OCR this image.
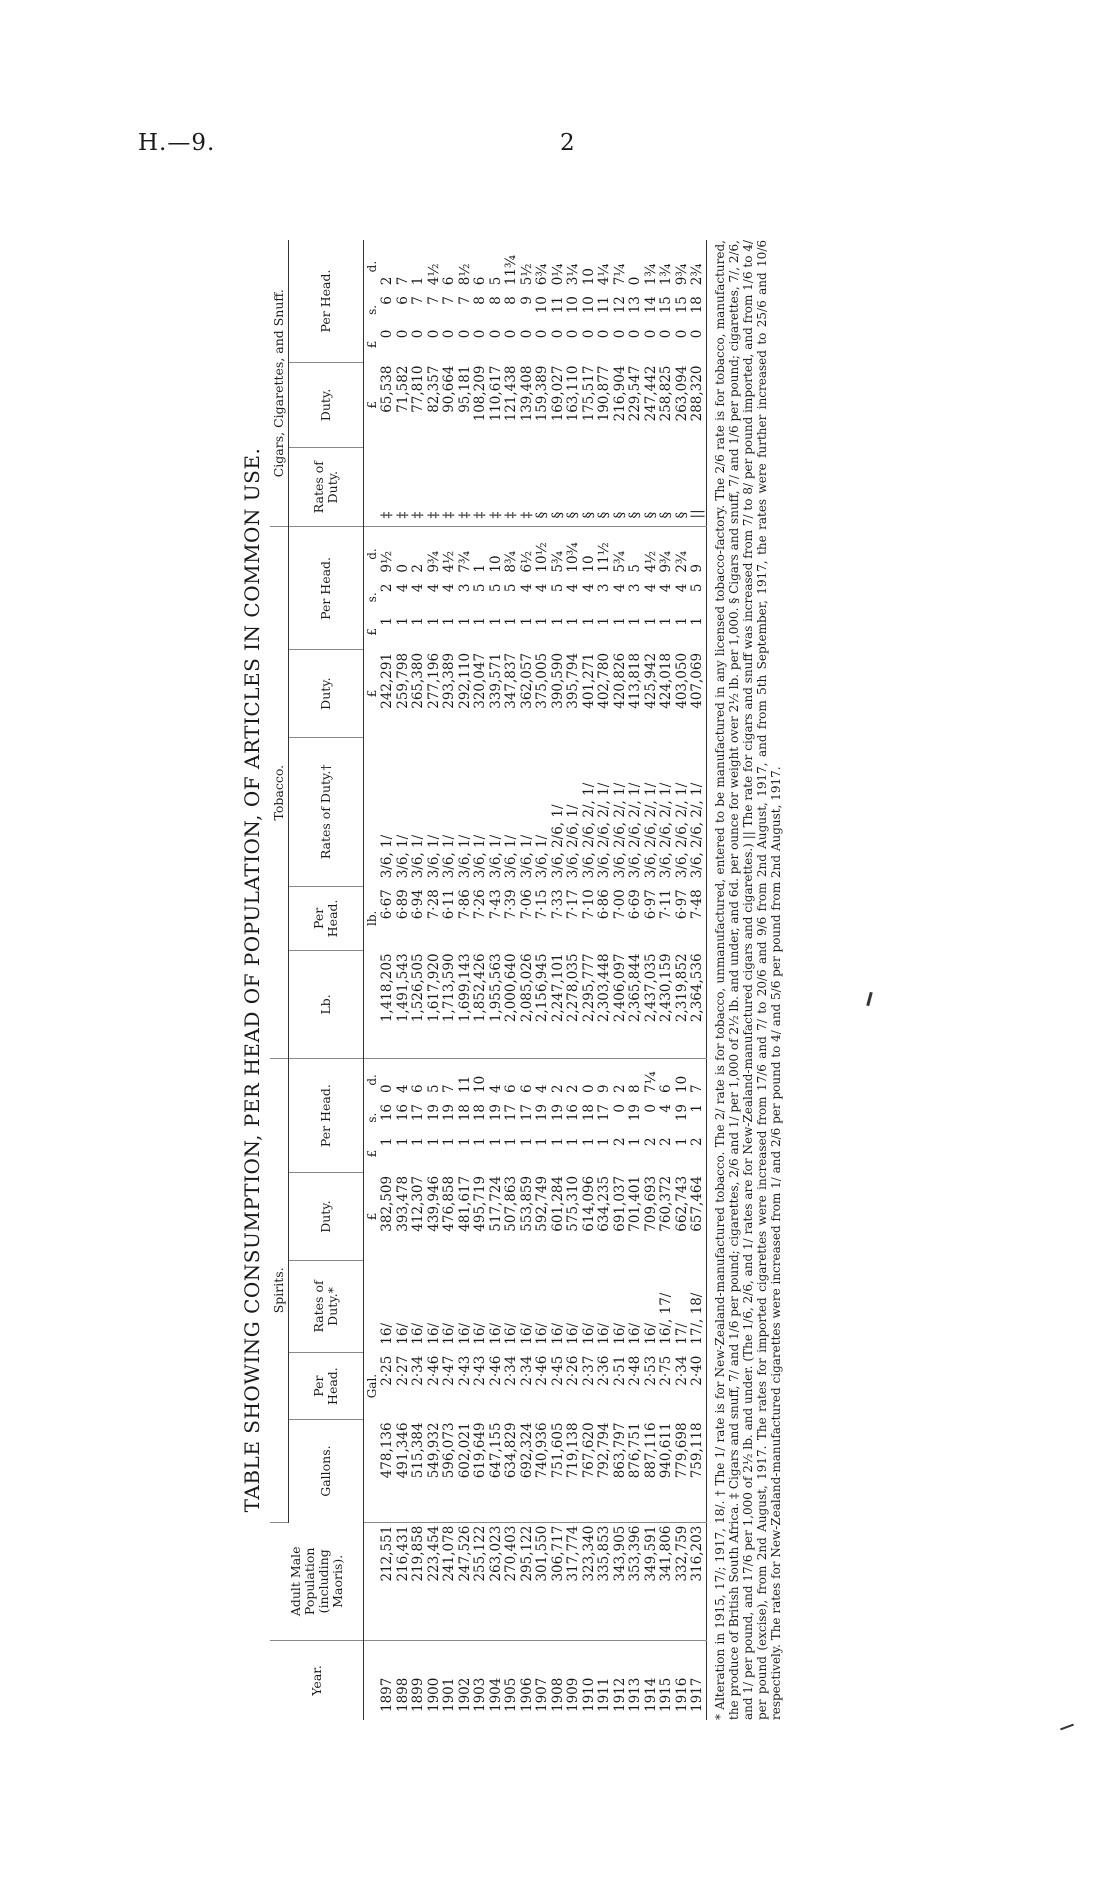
H.—9.	2
TABLE SHOWING CONSUMPTION, PER HEAD OF POPULATION, OF ARTICLES IN COMMON USE.
Year.	Adult Male Population (including Maoris).	Spirits.							Tobacco.							Cigars, Cigarettes, and Snuff.				
		Gallons.	Per Head.	Rates of Duty.*	Duty.	Per Head.			Lb.	Per Head.	Rates of Duty.†	Duty.	Per Head.			Rates of Duty.	Duty.	Per Head.		
			Gal.		£	£	s.	d.		lb.		£	£	s.	d.		£	£	s.	d.
1897	212,551	478,136	2·25	16/	382,509	1	16	0	1,418,205	6·67	3/6, 1/	242,291	1	2	9½	‡	65,538	0	6	2
1898	216,431	491,346	2·27	16/	393,478	1	16	4	1,491,543	6·89	3/6, 1/	259,798	1	4	0	‡	71,582	0	6	7
1899	219,858	515,384	2·34	16/	412,307	1	17	6	1,526,505	6·94	3/6, 1/	265,380	1	4	2	‡	77,810	0	7	1
1900	223,454	549,932	2·46	16/	439,946	1	19	5	1,617,920	7·28	3/6, 1/	277,196	1	4	9¾	‡	82,357	0	7	4½
1901	241,078	596,073	2·47	16/	476,858	1	19	7	1,713,590	6·11	3/6, 1/	293,389	1	4	4½	‡	90,664	0	7	6
1902	247,526	602,021	2·43	16/	481,617	1	18	11	1,699,143	7·86	3/6, 1/	292,110	1	3	7¾	‡	95,181	0	7	8½
1903	255,122	619,649	2·43	16/	495,719	1	18	10	1,852,426	7·26	3/6, 1/	320,047	1	5	1	‡	108,209	0	8	6
1904	263,023	647,155	2·46	16/	517,724	1	19	4	1,955,563	7·43	3/6, 1/	339,571	1	5	10	‡	110,617	0	8	5
1905	270,403	634,829	2·34	16/	507,863	1	17	6	2,000,640	7·39	3/6, 1/	347,837	1	5	8¾	‡	121,438	0	8	11¾
1906	295,122	692,324	2·34	16/	553,859	1	17	6	2,085,026	7·06	3/6, 1/	362,057	1	4	6½	‡	139,408	0	9	5½
1907	301,550	740,936	2·46	16/	592,749	1	19	4	2,156,945	7·15	3/6, 1/	375,005	1	4	10½	§	159,389	0	10	6¾
1908	306,717	751,605	2·45	16/	601,284	1	19	2	2,247,101	7·33	3/6, 2/6, 1/	390,590	1	5	5¾	§	169,027	0	11	0¼
1909	317,774	719,138	2·26	16/	575,310	1	16	2	2,278,035	7·17	3/6, 2/6, 1/	395,794	1	4	10¾	§	163,110	0	10	3¼
1910	323,340	767,620	2·37	16/	614,096	1	18	0	2,295,777	7·10	3/6, 2/6, 2/, 1/	401,271	1	4	10	§	175,517	0	10	10
1911	335,853	792,794	2·36	16/	634,235	1	17	9	2,303,448	6·86	3/6, 2/6, 2/, 1/	402,780	1	3	11½	§	190,877	0	11	4¼
1912	343,905	863,797	2·51	16/	691,037	2	0	2	2,406,097	7·00	3/6, 2/6, 2/, 1/	420,826	1	4	5¾	§	216,904	0	12	7¼
1913	353,396	876,751	2·48	16/	701,401	1	19	8	2,365,844	6·69	3/6, 2/6, 2/, 1/	413,818	1	3	5	§	229,547	0	13	0
1914	349,591	887,116	2·53	16/	709,693	2	0	7¼	2,437,035	6·97	3/6, 2/6, 2/, 1/	425,942	1	4	4½	§	247,442	0	14	1¾
1915	341,806	940,611	2·75	16/, 17/	760,372	2	4	6	2,430,159	7·11	3/6, 2/6, 2/, 1/	424,018	1	4	9¾	§	258,825	0	15	1¾
1916	332,759	779,698	2·34	17/	662,743	1	19	10	2,319,852	6·97	3/6, 2/6, 2/, 1/	403,050	1	4	2¾	§	263,094	0	15	9¾
1917	316,203	759,118	2·40	17/, 18/	657,464	2	1	7	2,364,536	7·48	3/6, 2/6, 2/, 1/	407,069	1	5	9	||	288,320	0	18	2¾ * Alteration in 1915, 17/; 1917, 18/. † The 1/ rate is for New-Zealand-manufactured tobacco. The 2/ rate is for tobacco, unmanufactured, entered to be manufactured in any licensed tobacco-factory. The 2/6 rate is for tobacco, manufactured, the produce of British South Africa. ‡ Cigars and snuff, 7/ and 1/6 per pound; cigarettes, 2/6 and 1/ per 1,000 of 2½ lb. and under, and 6d. per ounce for weight over 2½ lb. per 1,000. § Cigars and snuff, 7/ and 1/6 per pound; cigarettes, 7/, 2/6, and 1/ per pound, and 17/6 per 1,000 of 2½ lb. and under. (The 1/6, 2/6, and 1/ rates are for New-Zealand-manufactured cigars and cigarettes.) || The rate for cigars and snuff was increased from 7/ to 8/ per pound imported, and from 1/6 to 4/ per pound (excise), from 2nd August, 1917. The rates for imported cigarettes were increased from 17/6 and 7/ to 20/6 and 9/6 from 2nd August, 1917, and from 5th September, 1917, the rates were further increased to 25/6 and 10/6 respectively. The rates for New-Zealand-manufactured cigarettes were increased from 1/ and 2/6 per pound to 4/ and 5/6 per pound from 2nd August, 1917.
